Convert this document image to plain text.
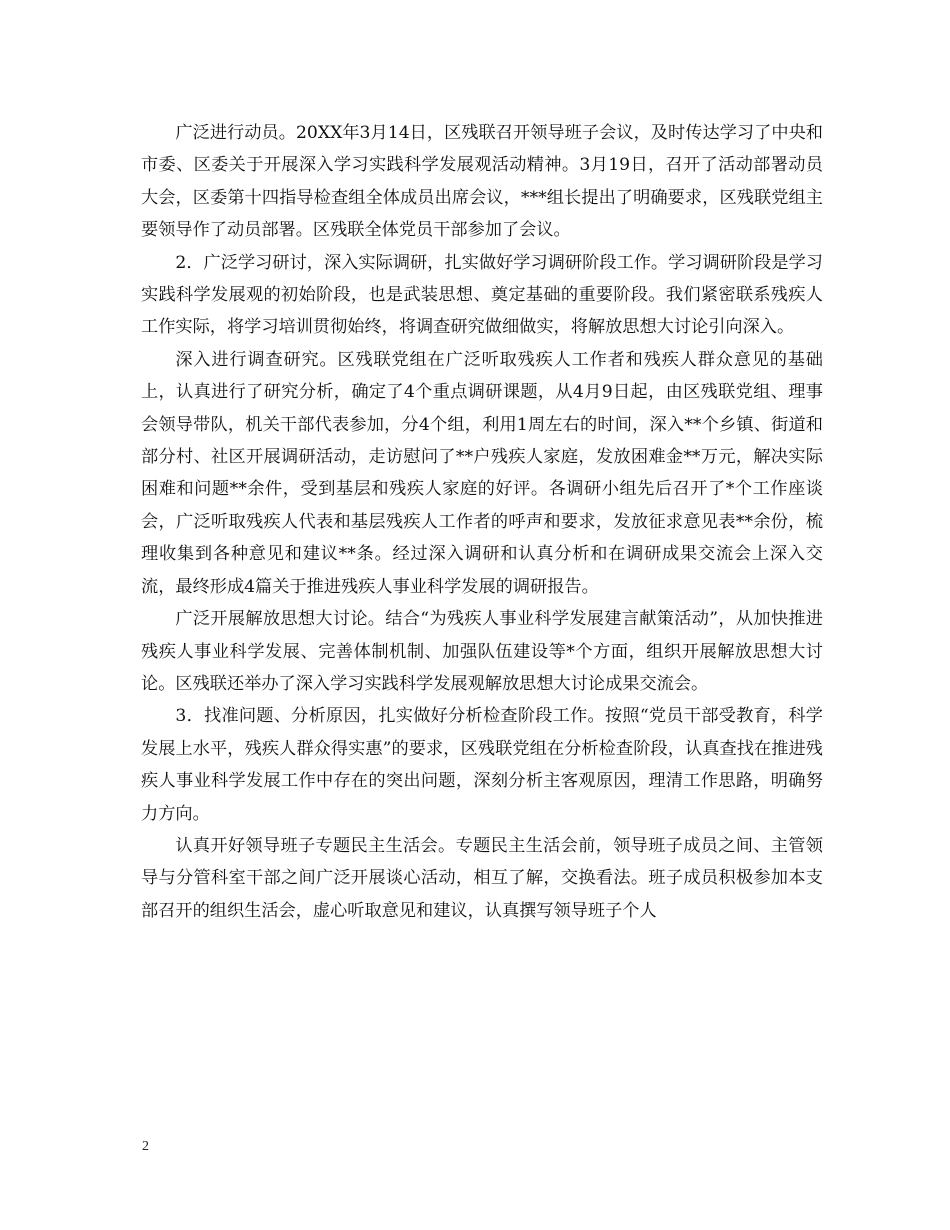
广泛进行动员。20XX年3月14日，区残联召开领导班子会议，及时传达学习了中央和市委、区委关于开展深入学习实践科学发展观活动精神。3月19日，召开了活动部署动员大会，区委第十四指导检查组全体成员出席会议，***组长提出了明确要求，区残联党组主要领导作了动员部署。区残联全体党员干部参加了会议。

2．广泛学习研讨，深入实际调研，扎实做好学习调研阶段工作。学习调研阶段是学习实践科学发展观的初始阶段，也是武装思想、奠定基础的重要阶段。我们紧密联系残疾人工作实际，将学习培训贯彻始终，将调查研究做细做实，将解放思想大讨论引向深入。

深入进行调查研究。区残联党组在广泛听取残疾人工作者和残疾人群众意见的基础上，认真进行了研究分析，确定了4个重点调研课题，从4月9日起，由区残联党组、理事会领导带队，机关干部代表参加，分4个组，利用1周左右的时间，深入**个乡镇、街道和部分村、社区开展调研活动，走访慰问了**户残疾人家庭，发放困难金**万元，解决实际困难和问题**余件，受到基层和残疾人家庭的好评。各调研小组先后召开了*个工作座谈会，广泛听取残疾人代表和基层残疾人工作者的呼声和要求，发放征求意见表**余份，梳理收集到各种意见和建议**条。经过深入调研和认真分析和在调研成果交流会上深入交流，最终形成4篇关于推进残疾人事业科学发展的调研报告。

广泛开展解放思想大讨论。结合“为残疾人事业科学发展建言献策活动”，从加快推进残疾人事业科学发展、完善体制机制、加强队伍建设等*个方面，组织开展解放思想大讨论。区残联还举办了深入学习实践科学发展观解放思想大讨论成果交流会。

3．找准问题、分析原因，扎实做好分析检查阶段工作。按照“党员干部受教育，科学发展上水平，残疾人群众得实惠”的要求，区残联党组在分析检查阶段，认真查找在推进残疾人事业科学发展工作中存在的突出问题，深刻分析主客观原因，理清工作思路，明确努力方向。

认真开好领导班子专题民主生活会。专题民主生活会前，领导班子成员之间、主管领导与分管科室干部之间广泛开展谈心活动，相互了解，交换看法。班子成员积极参加本支部召开的组织生活会，虚心听取意见和建议，认真撰写领导班子个人

2
